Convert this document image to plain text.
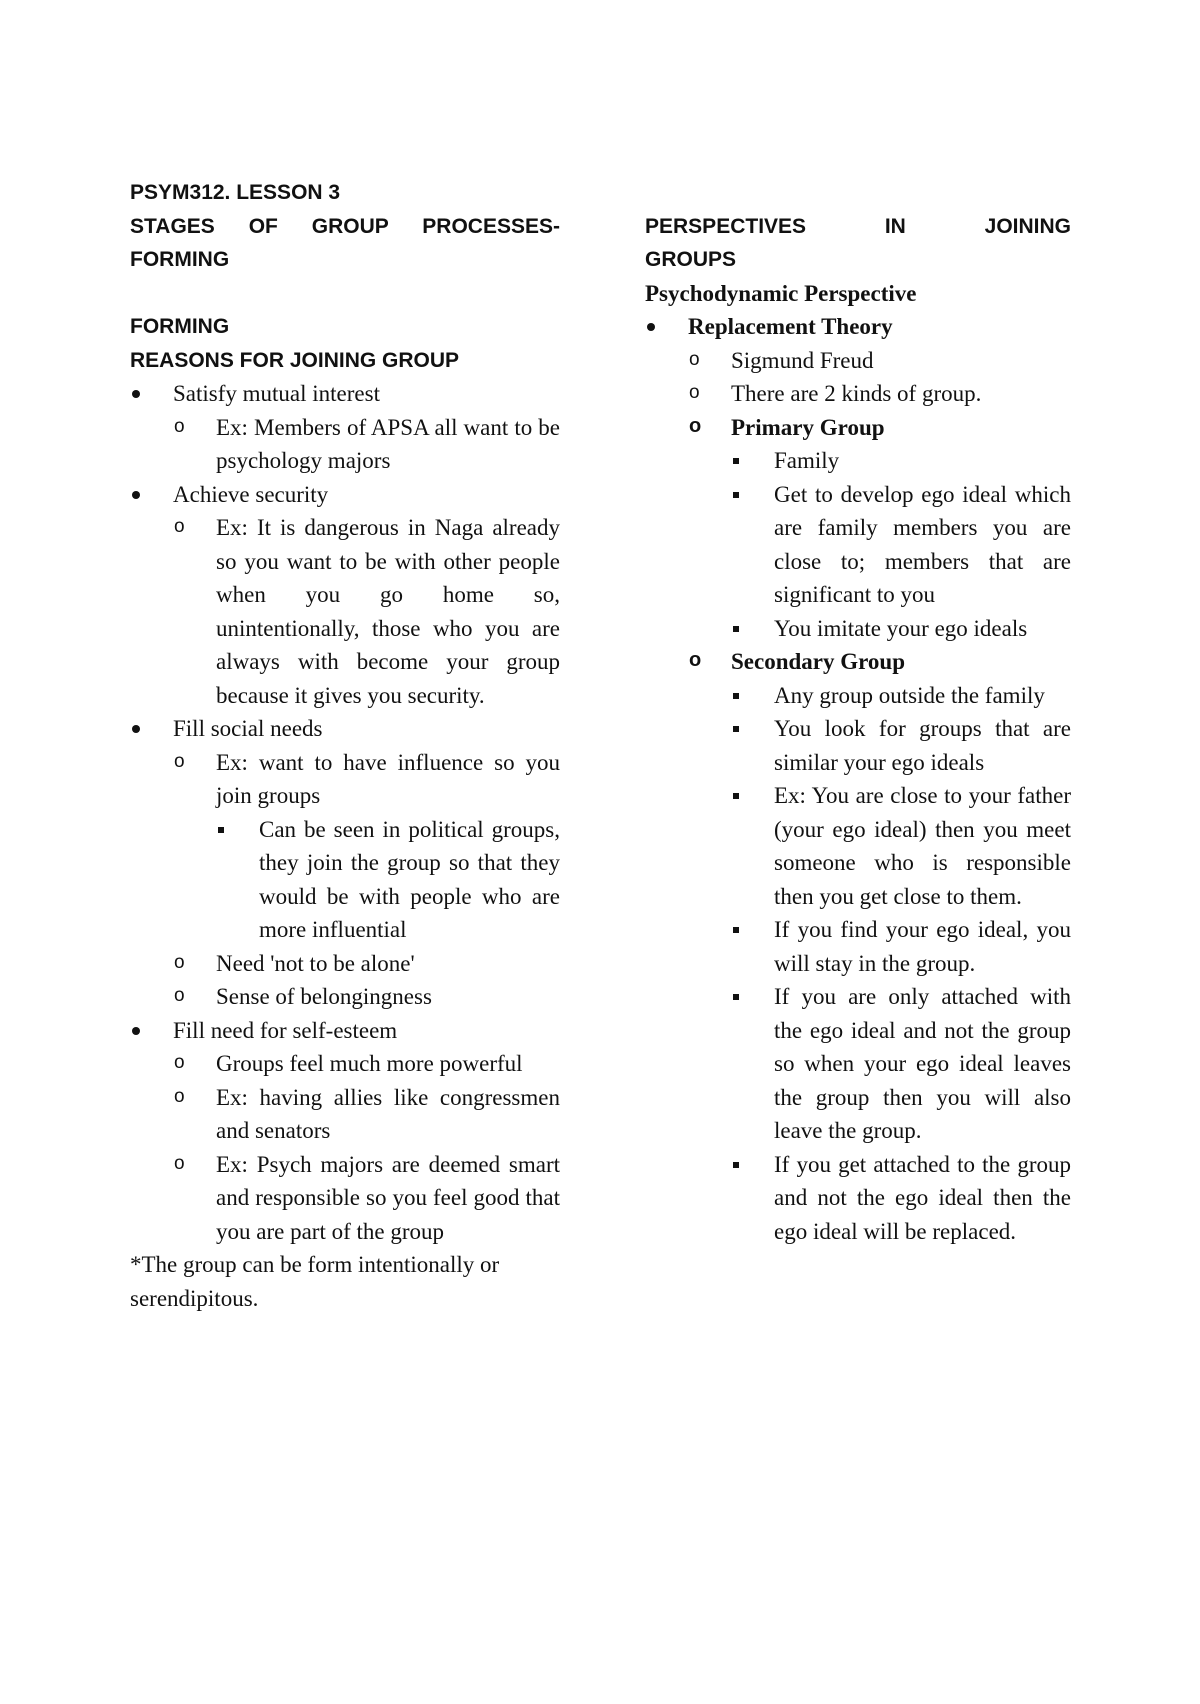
PSYM312. LESSON 3
STAGES OF GROUP PROCESSES-
FORMING
FORMING
REASONS FOR JOINING GROUP
Satisfy mutual interest
Ex: Members of APSA all want to be psychology majors
Achieve security
Ex: It is dangerous in Naga already so you want to be with other people when you go home so, unintentionally, those who you are always with become your group because it gives you security.
Fill social needs
Ex: want to have influence so you join groups
Can be seen in political groups, they join the group so that they would be with people who are more influential
Need 'not to be alone'
Sense of belongingness
Fill need for self-esteem
Groups feel much more powerful
Ex: having allies like congressmen and senators
Ex: Psych majors are deemed smart and responsible so you feel good that you are part of the group
*The group can be form intentionally or serendipitous.
PERSPECTIVES IN JOINING
GROUPS
Psychodynamic Perspective
Replacement Theory
Sigmund Freud
There are 2 kinds of group.
Primary Group
Family
Get to develop ego ideal which are family members you are close to; members that are significant to you
You imitate your ego ideals
Secondary Group
Any group outside the family
You look for groups that are similar your ego ideals
Ex: You are close to your father (your ego ideal) then you meet someone who is responsible then you get close to them.
If you find your ego ideal, you will stay in the group.
If you are only attached with the ego ideal and not the group so when your ego ideal leaves the group then you will also leave the group.
If you get attached to the group and not the ego ideal then the ego ideal will be replaced.
